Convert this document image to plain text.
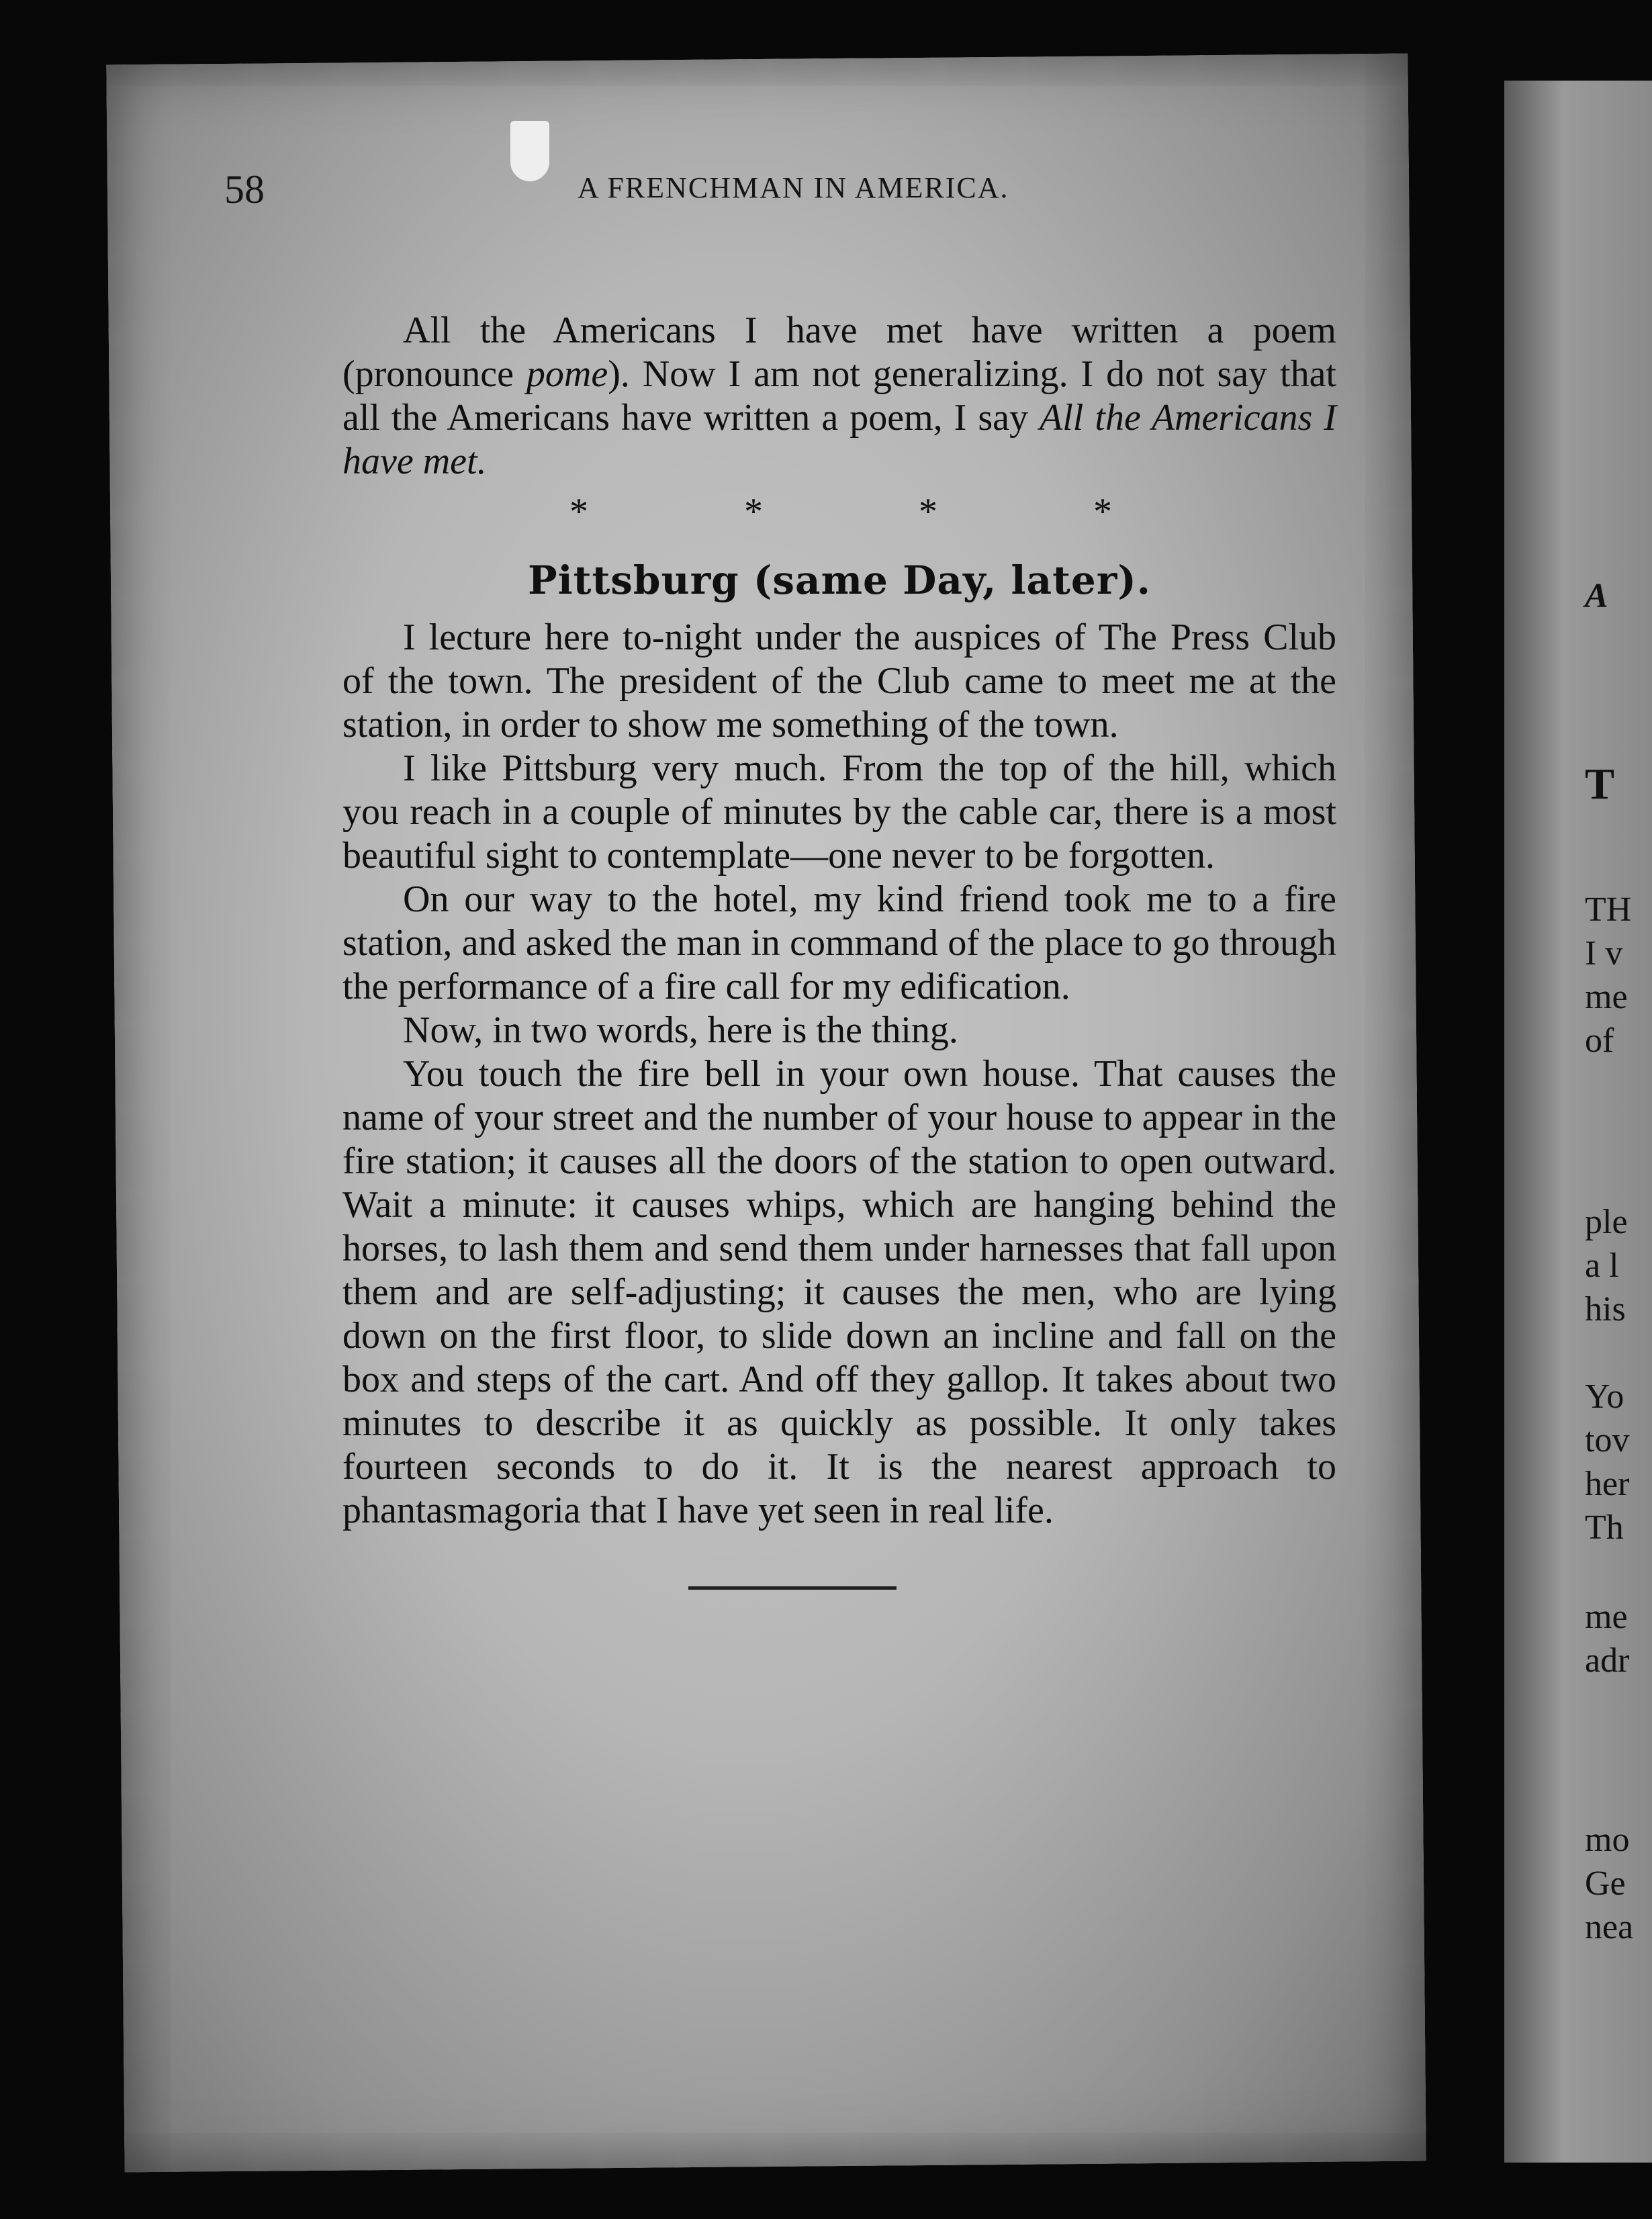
A
T
TH
I v
me
of
ple
a l
his
Yo
tov
her
Th
me
adr
mo
Ge
nea
58	A FRENCHMAN IN AMERICA.

All the Americans I have met have written a poem (pronounce pome). Now I am not generalizing. I do not say that all the Americans have written a poem, I say All the Americans I have met.

*	*	*	*
Pittsburg (same Day, later).

I lecture here to-night under the auspices of The Press Club of the town. The president of the Club came to meet me at the station, in order to show me something of the town.

I like Pittsburg very much. From the top of the hill, which you reach in a couple of minutes by the cable car, there is a most beautiful sight to contemplate—one never to be forgotten.

On our way to the hotel, my kind friend took me to a fire station, and asked the man in command of the place to go through the performance of a fire call for my edification.

Now, in two words, here is the thing.

You touch the fire bell in your own house. That causes the name of your street and the number of your house to appear in the fire station; it causes all the doors of the station to open outward. Wait a minute: it causes whips, which are hanging behind the horses, to lash them and send them under harnesses that fall upon them and are self-adjusting; it causes the men, who are lying down on the first floor, to slide down an incline and fall on the box and steps of the cart. And off they gallop. It takes about two minutes to describe it as quickly as possible. It only takes fourteen seconds to do it. It is the nearest approach to phantasmagoria that I have yet seen in real life.
